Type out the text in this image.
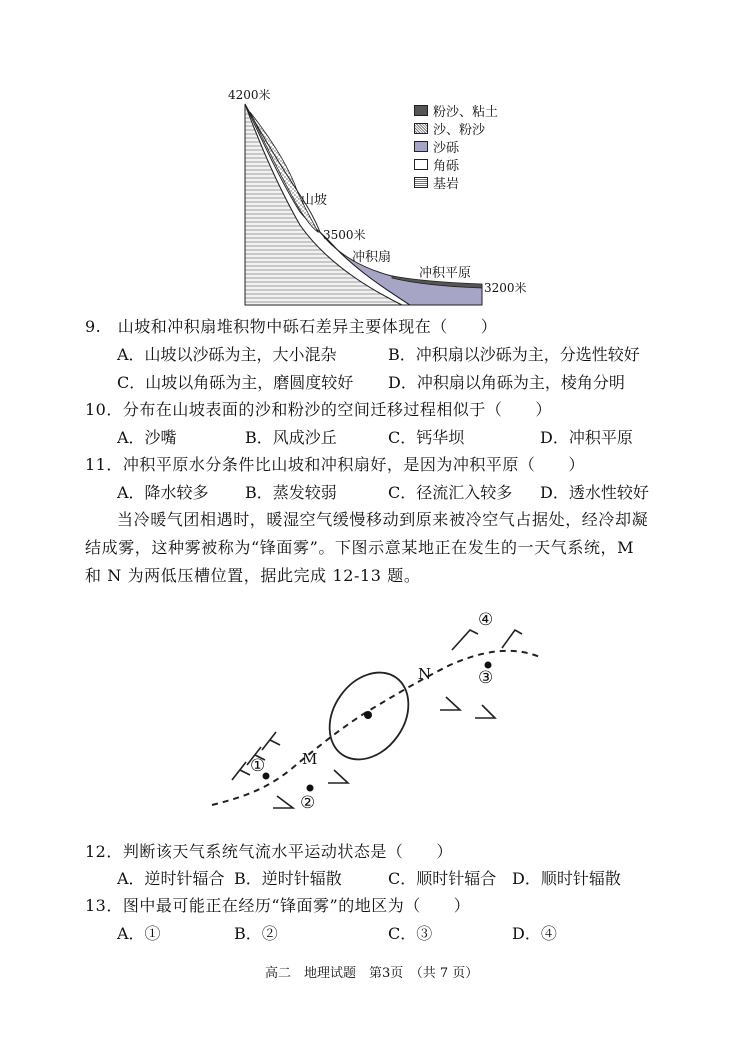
4200米
3500米
3200米
山坡
冲积扇
冲积平原
粉沙、粘土
沙、粉沙
沙砾
角砾
基岩
9.　山坡和冲积扇堆积物中砾石差异主要体现在（　　）
A．山坡以沙砾为主，大小混杂	B．冲积扇以沙砾为主，分选性较好
C．山坡以角砾为主，磨圆度较好 D．冲积扇以角砾为主，棱角分明
10．分布在山坡表面的沙和粉沙的空间迁移过程相似于（　　）
A．沙嘴	B．风成沙丘	C．钙华坝	D．冲积平原
11．冲积平原水分条件比山坡和冲积扇好，是因为冲积平原（　　）
A．降水较多 B．蒸发较弱	C．径流汇入较多 D．透水性较好
当冷暖气团相遇时，暖湿空气缓慢移动到原来被冷空气占据处，经冷却凝
结成雾，这种雾被称为“锋面雾”。下图示意某地正在发生的一天气系统，M
和 N 为两低压槽位置，据此完成 12-13 题。
M
N
①
②
③
④
12．判断该天气系统气流水平运动状态是（　　）
A．逆时针辐合 B．逆时针辐散	C．顺时针辐合 D．顺时针辐散
13．图中最可能正在经历“锋面雾”的地区为（　　）
A．①	B．②	C．③	D．④
高二　地理试题　第3页　（共 7 页）
